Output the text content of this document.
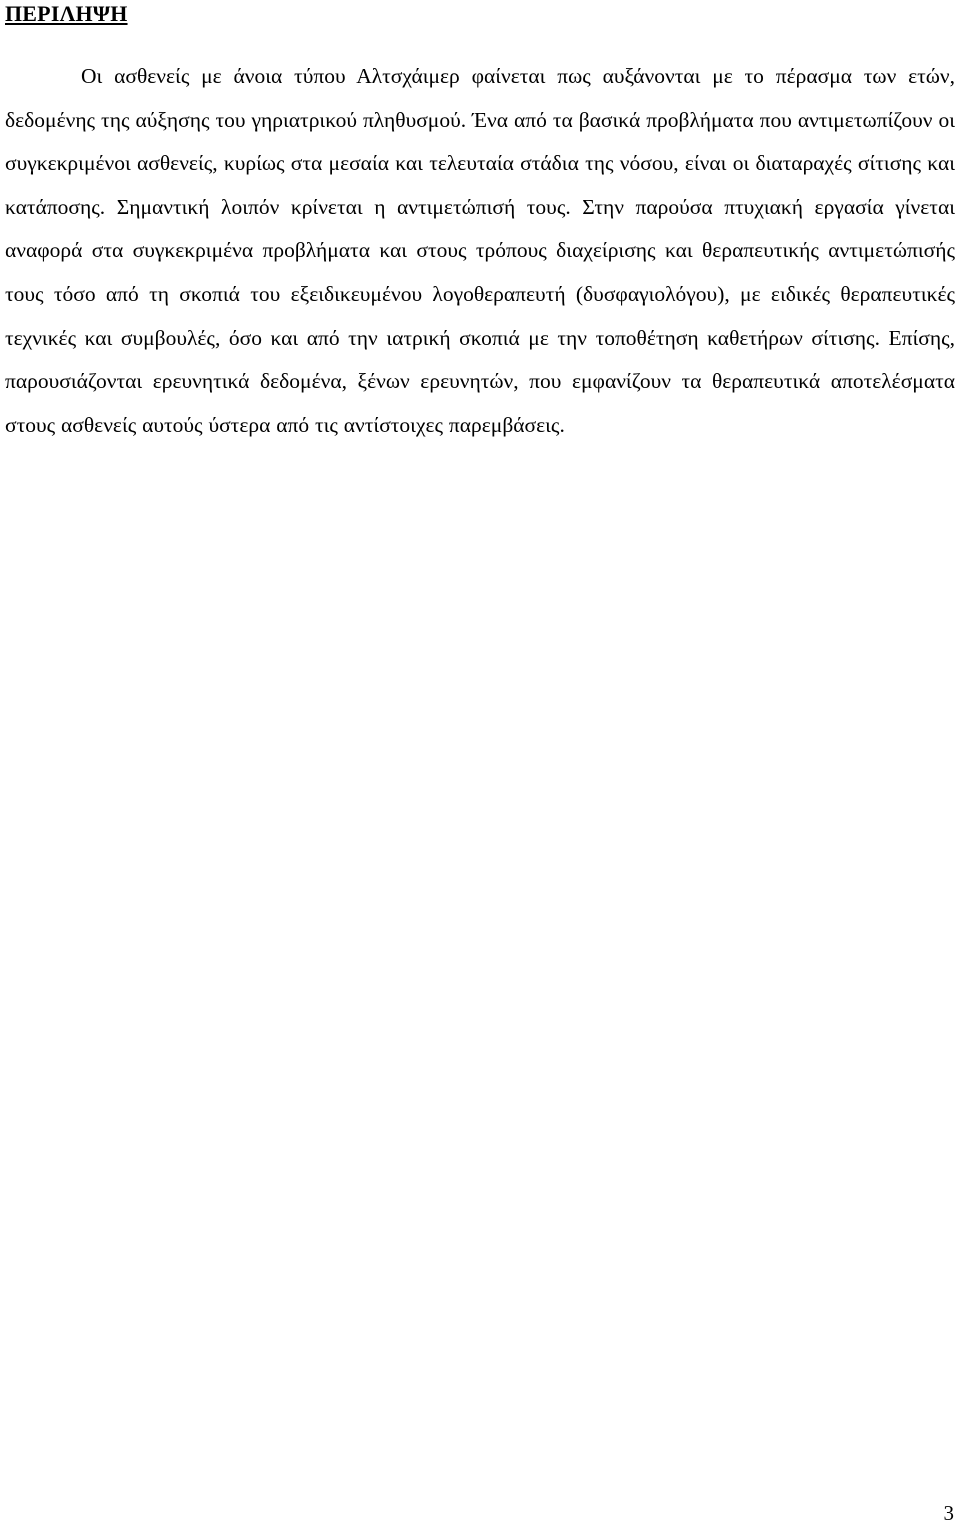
ΠΕΡΙΛΗΨΗ

Οι ασθενείς με άνοια τύπου Αλτσχάιμερ φαίνεται πως αυξάνονται με το πέρασμα των ετών, δεδομένης της αύξησης του γηριατρικού πληθυσμού. Ένα από τα βασικά προβλήματα που αντιμετωπίζουν οι συγκεκριμένοι ασθενείς, κυρίως στα μεσαία και τελευταία στάδια της νόσου, είναι οι διαταραχές σίτισης και κατάποσης. Σημαντική λοιπόν κρίνεται η αντιμετώπισή τους. Στην παρούσα πτυχιακή εργασία γίνεται αναφορά στα συγκεκριμένα προβλήματα και στους τρόπους διαχείρισης και θεραπευτικής αντιμετώπισής τους τόσο από τη σκοπιά του εξειδικευμένου λογοθεραπευτή (δυσφαγιολόγου), με ειδικές θεραπευτικές τεχνικές και συμβουλές, όσο και από την ιατρική σκοπιά με την τοποθέτηση καθετήρων σίτισης. Επίσης, παρουσιάζονται ερευνητικά δεδομένα, ξένων ερευνητών, που εμφανίζουν τα θεραπευτικά αποτελέσματα στους ασθενείς αυτούς ύστερα από τις αντίστοιχες παρεμβάσεις.

3
